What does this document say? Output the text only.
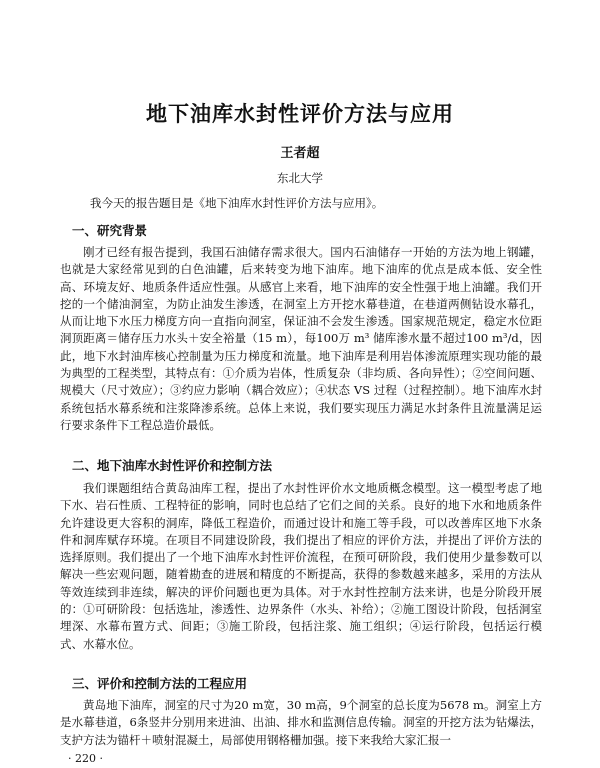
地下油库水封性评价方法与应用
王者超
东北大学
我今天的报告题目是《地下油库水封性评价方法与应用》。
一、研究背景

刚才已经有报告提到，我国石油储存需求很大。国内石油储存一开始的方法为地上钢罐，也就是大家经常见到的白色油罐，后来转变为地下油库。地下油库的优点是成本低、安全性高、环境友好、地质条件适应性强。从感官上来看，地下油库的安全性强于地上油罐。我们开挖的一个储油洞室，为防止油发生渗透，在洞室上方开挖水幕巷道，在巷道两侧钻设水幕孔，从而让地下水压力梯度方向一直指向洞室，保证油不会发生渗透。国家规范规定，稳定水位距洞顶距离＝储存压力水头＋安全裕量（15 m），每100万 m³ 储库渗水量不超过100 m³/d，因此，地下水封油库核心控制量为压力梯度和流量。地下油库是利用岩体渗流原理实现功能的最为典型的工程类型，其特点有：①介质为岩体，性质复杂（非均质、各向异性）；②空间问题、规模大（尺寸效应）；③约应力影响（耦合效应）；④状态 VS 过程（过程控制）。地下油库水封系统包括水幕系统和注浆降渗系统。总体上来说，我们要实现压力满足水封条件且流量满足运行要求条件下工程总造价最低。

二、地下油库水封性评价和控制方法

我们课题组结合黄岛油库工程，提出了水封性评价水文地质概念模型。这一模型考虑了地下水、岩石性质、工程特征的影响，同时也总结了它们之间的关系。良好的地下水和地质条件允许建设更大容积的洞库，降低工程造价，而通过设计和施工等手段，可以改善库区地下水条件和洞库赋存环境。在项目不同建设阶段，我们提出了相应的评价方法，并提出了评价方法的选择原则。我们提出了一个地下油库水封性评价流程，在预可研阶段，我们使用少量参数可以解决一些宏观问题，随着勘查的进展和精度的不断提高，获得的参数越来越多，采用的方法从等效连续到非连续，解决的评价问题也更为具体。对于水封性控制方法来讲，也是分阶段开展的：①可研阶段：包括选址，渗透性、边界条件（水头、补给）；②施工图设计阶段，包括洞室埋深、水幕布置方式、间距；③施工阶段，包括注浆、施工组织；④运行阶段，包括运行模式、水幕水位。

三、评价和控制方法的工程应用

黄岛地下油库，洞室的尺寸为20 m宽，30 m高，9个洞室的总长度为5678 m。洞室上方是水幕巷道，6条竖井分别用来进油、出油、排水和监测信息传输。洞室的开挖方法为钻爆法，支护方法为锚杆＋喷射混凝土，局部使用钢格栅加强。接下来我给大家汇报一

· 220 ·
